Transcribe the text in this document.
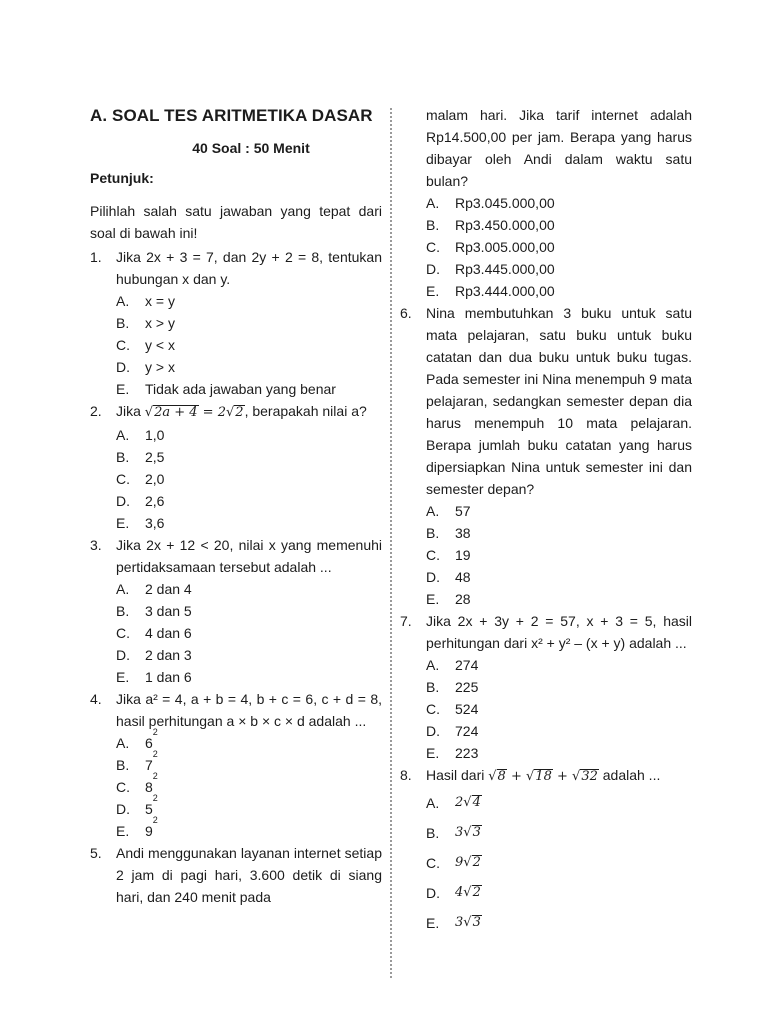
A. SOAL TES ARITMETIKA DASAR
40 Soal : 50 Menit
Petunjuk:
Pilihlah salah satu jawaban yang tepat dari soal di bawah ini!
1.	Jika 2x + 3 = 7, dan 2y + 2 = 8, tentukan hubungan x dan y.
A.	x = y
B.	x > y
C.	y < x
D.	y > x
E.	Tidak ada jawaban yang benar
2.	Jika √2a + 4 = 2√2, berapakah nilai a?
A.	1,0
B.	2,5
C.	2,0
D.	2,6
E.	3,6
3.	Jika 2x + 12 < 20, nilai x yang memenuhi pertidaksamaan tersebut adalah ...
A.	2 dan 4
B.	3 dan 5
C.	4 dan 6
D.	2 dan 3
E.	1 dan 6
4.	Jika a² = 4, a + b = 4, b + c = 6, c + d = 8, hasil perhitungan a × b × c × d adalah ...
A.	6
2
B.	7
2
C.	8
2
D.	5
2
E.	9
2
5.	Andi menggunakan layanan internet setiap 2 jam di pagi hari, 3.600 detik di siang hari, dan 240 menit pada
malam hari. Jika tarif internet adalah Rp14.500,00 per jam. Berapa yang harus dibayar oleh Andi dalam waktu satu bulan?
A.	Rp3.045.000,00
B.	Rp3.450.000,00
C.	Rp3.005.000,00
D.	Rp3.445.000,00
E.	Rp3.444.000,00
6.	Nina membutuhkan 3 buku untuk satu mata pelajaran, satu buku untuk buku catatan dan dua buku untuk buku tugas. Pada semester ini Nina menempuh 9 mata pelajaran, sedangkan semester depan dia harus menempuh 10 mata pelajaran. Berapa jumlah buku catatan yang harus dipersiapkan Nina untuk semester ini dan semester depan?
A.	57
B.	38
C.	19
D.	48
E.	28
7.	Jika 2x + 3y + 2 = 57, x + 3 = 5, hasil perhitungan dari x² + y² – (x + y) adalah ...
A.	274
B.	225
C.	524
D.	724
E.	223
8.	Hasil dari √8 + √18 + √32 adalah ...
A.	2√4
B.	3√3
C.	9√2
D.	4√2
E.	3√3
